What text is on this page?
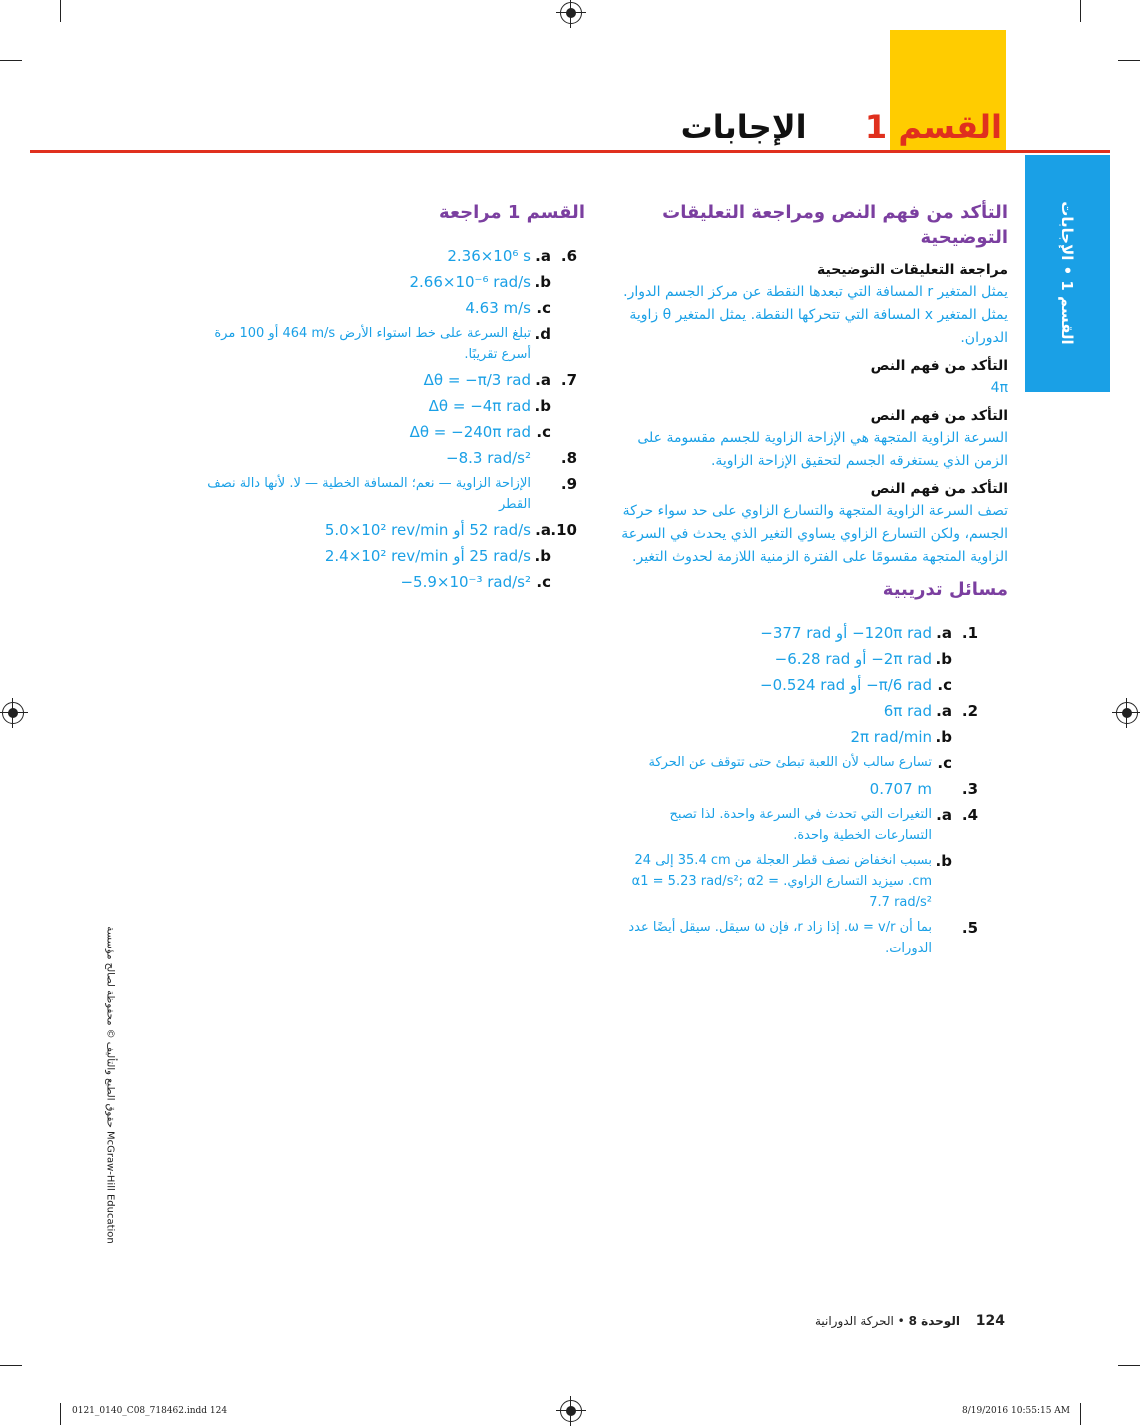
القسم 1  الإجابات
القسم 1 • الإجابات
التأكد من فهم النص ومراجعة التعليقات التوضيحية
مراجعة التعليقات التوضيحية
يمثل المتغير r المسافة التي تبعدها النقطة عن مركز الجسم الدوار. يمثل المتغير x المسافة التي تتحركها النقطة. يمثل المتغير θ زاوية الدوران.
التأكد من فهم النص
4π
التأكد من فهم النص
السرعة الزاوية المتجهة هي الإزاحة الزاوية للجسم مقسومة على الزمن الذي يستغرقه الجسم لتحقيق الإزاحة الزاوية.
التأكد من فهم النص
تصف السرعة الزاوية المتجهة والتسارع الزاوي على حد سواء حركة الجسم، ولكن التسارع الزاوي يساوي التغير الذي يحدث في السرعة الزاوية المتجهة مقسومًا على الفترة الزمنية اللازمة لحدوث التغير.
مسائل تدريبية
1.
a.
‎−120π rad‏ أو ‎−377 rad
b.
‎−2π rad‏ أو ‎−6.28 rad
c.
‎−π/6 rad‏ أو ‎−0.524 rad
2.
a.
‎6π rad
b.
‎2π rad/min
c.
تسارع سالب لأن اللعبة تبطئ حتى تتوقف عن الحركة
3.
‎0.707 m
4.
a.
التغيرات التي تحدث في السرعة واحدة. لذا تصبح التسارعات الخطية واحدة.
b.
بسبب انخفاض نصف قطر العجلة من ‎35.4 cm‏ إلى ‎24 cm‏. سيزيد التسارع الزاوي. ‎α1 = 5.23 rad/s²; α2 = 7.7 rad/s²
5.
بما أن ‎ω = v/r‏. إذا زاد r، فإن ω سيقل. سيقل أيضًا عدد الدورات.
القسم 1 مراجعة
6.
a.
‎2.36×10⁶ s
b.
‎2.66×10⁻⁶ rad/s
c.
‎4.63 m/s
d.
تبلغ السرعة على خط استواء الأرض ‎464 m/s‏ أو 100 مرة أسرع تقريبًا.
7.
a.
‎Δθ = −π/3 rad
b.
‎Δθ = −4π rad
c.
‎Δθ = −240π rad
8.
‎−8.3 rad/s²
9.
الإزاحة الزاوية — نعم؛ المسافة الخطية — لا. لأنها دالة نصف القطر
10.
a.
‎52 rad/s‏ أو ‎5.0×10² rev/min
b.
‎25 rad/s‏ أو ‎2.4×10² rev/min
c.
‎−5.9×10⁻³ rad/s²
حقوق الطبع والتأليف © محفوظة لصالح مؤسسة McGraw-Hill Education
124 الوحدة 8 • الحركة الدورانية
0121_0140_C08_718462.indd 124	8/19/2016 10:55:15 AM
